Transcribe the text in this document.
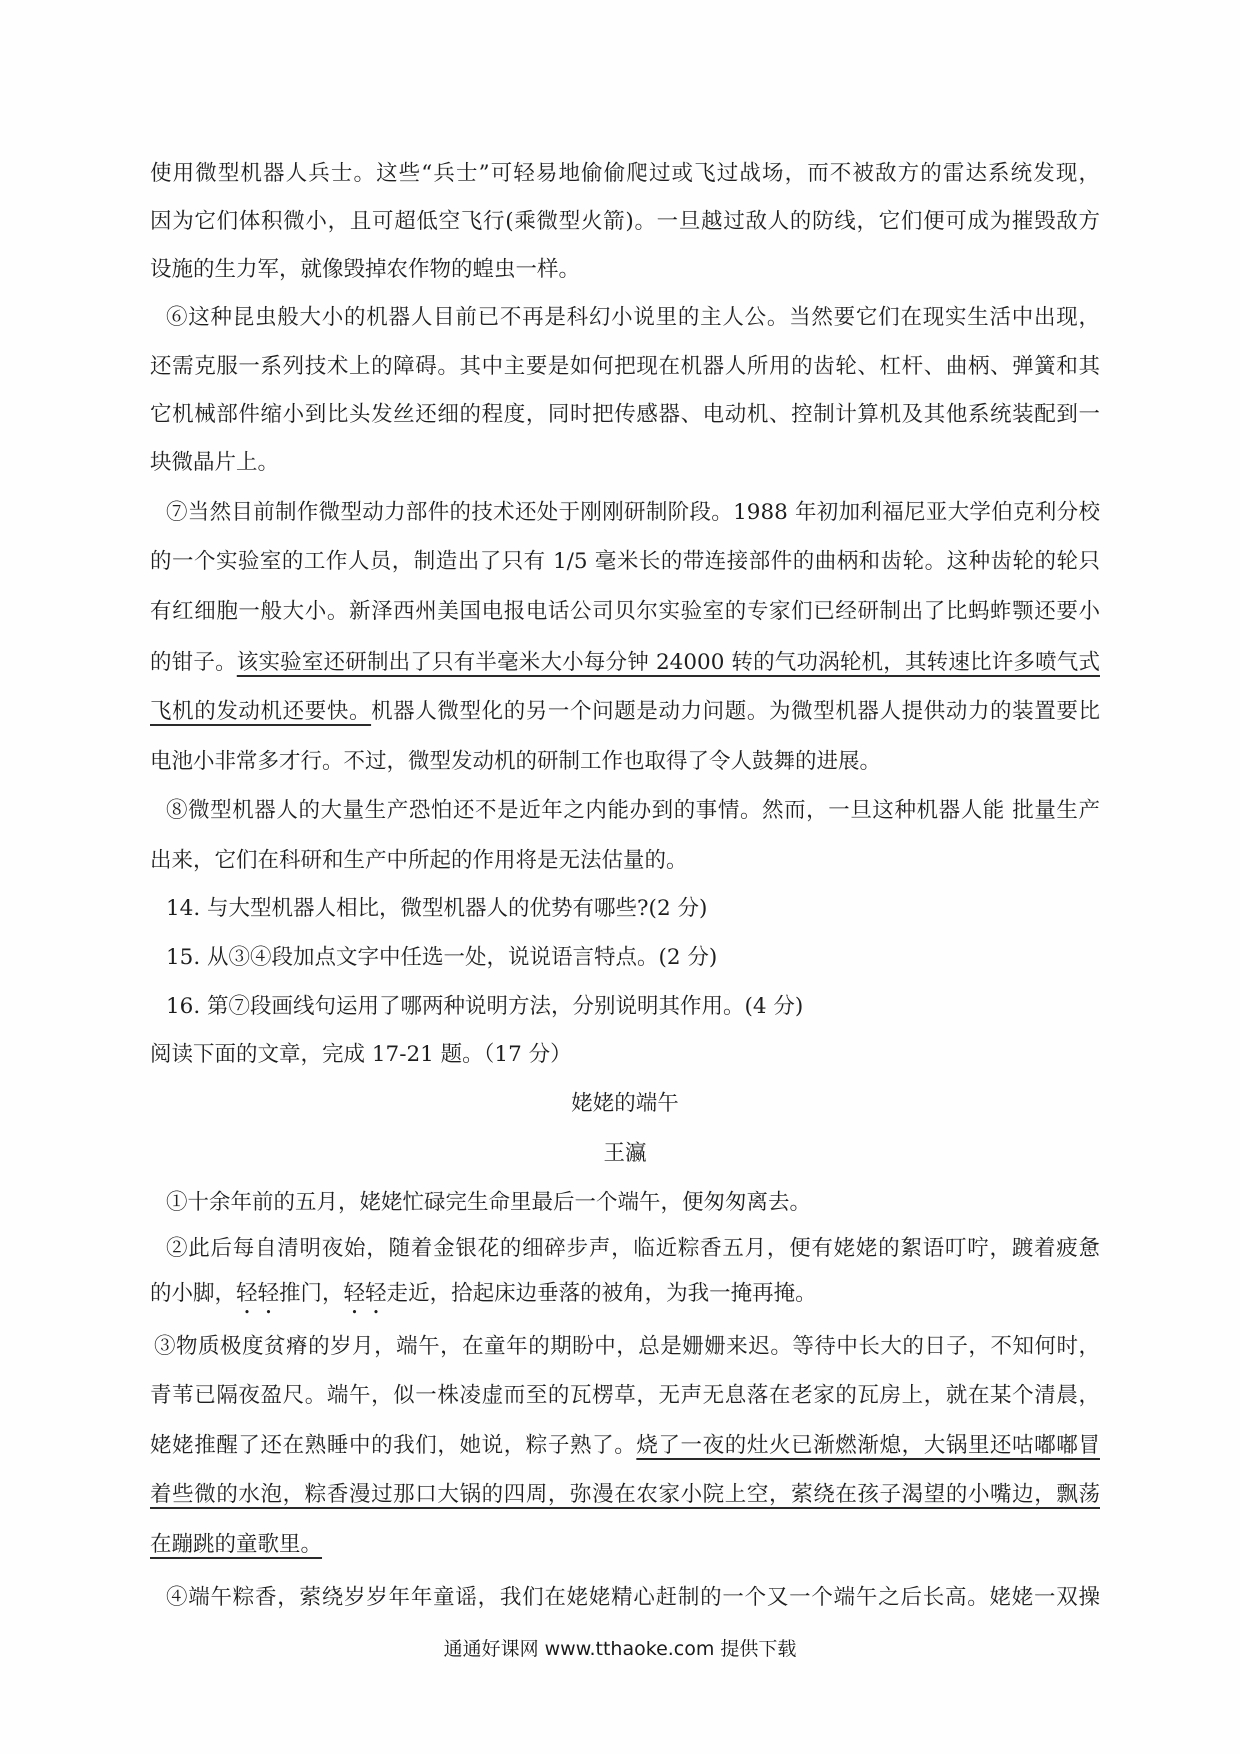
使用微型机器人兵士。这些“兵士”可轻易地偷偷爬过或飞过战场，而不被敌方的雷达系统发现，
因为它们体积微小，且可超低空飞行(乘微型火箭)。一旦越过敌人的防线，它们便可成为摧毁敌方
设施的生力军，就像毁掉农作物的蝗虫一样。
⑥这种昆虫般大小的机器人目前已不再是科幻小说里的主人公。当然要它们在现实生活中出现，
还需克服一系列技术上的障碍。其中主要是如何把现在机器人所用的齿轮、杠杆、曲柄、弹簧和其
它机械部件缩小到比头发丝还细的程度，同时把传感器、电动机、控制计算机及其他系统装配到一
块微晶片上。
⑦当然目前制作微型动力部件的技术还处于刚刚研制阶段。1988 年初加利福尼亚大学伯克利分校
的一个实验室的工作人员，制造出了只有 1/5 毫米长的带连接部件的曲柄和齿轮。这种齿轮的轮只
有红细胞一般大小。新泽西州美国电报电话公司贝尔实验室的专家们已经研制出了比蚂蚱颚还要小
的钳子。该实验室还研制出了只有半毫米大小每分钟 24000 转的气功涡轮机，其转速比许多喷气式
飞机的发动机还要快。机器人微型化的另一个问题是动力问题。为微型机器人提供动力的装置要比
电池小非常多才行。不过，微型发动机的研制工作也取得了令人鼓舞的进展。
⑧微型机器人的大量生产恐怕还不是近年之内能办到的事情。然而，一旦这种机器人能 批量生产
出来，它们在科研和生产中所起的作用将是无法估量的。
14. 与大型机器人相比，微型机器人的优势有哪些?(2 分)
15. 从③④段加点文字中任选一处，说说语言特点。(2 分)
16. 第⑦段画线句运用了哪两种说明方法，分别说明其作用。(4 分)
阅读下面的文章，完成 17-21 题。（17 分）
姥姥的端午
王瀛
①十余年前的五月，姥姥忙碌完生命里最后一个端午，便匆匆离去。
②此后每自清明夜始，随着金银花的细碎步声，临近粽香五月，便有姥姥的絮语叮咛，踱着疲惫
的小脚，轻轻推门，轻轻走近，拾起床边垂落的被角，为我一掩再掩。
③物质极度贫瘠的岁月，端午，在童年的期盼中，总是姗姗来迟。等待中长大的日子，不知何时，
青苇已隔夜盈尺。端午，似一株凌虚而至的瓦楞草，无声无息落在老家的瓦房上，就在某个清晨，
姥姥推醒了还在熟睡中的我们，她说，粽子熟了。烧了一夜的灶火已渐燃渐熄，大锅里还咕嘟嘟冒
着些微的水泡，粽香漫过那口大锅的四周，弥漫在农家小院上空，萦绕在孩子渴望的小嘴边，飘荡
在蹦跳的童歌里。
④端午粽香，萦绕岁岁年年童谣，我们在姥姥精心赶制的一个又一个端午之后长高。姥姥一双操
通通好课网 www.tthaoke.com 提供下载
